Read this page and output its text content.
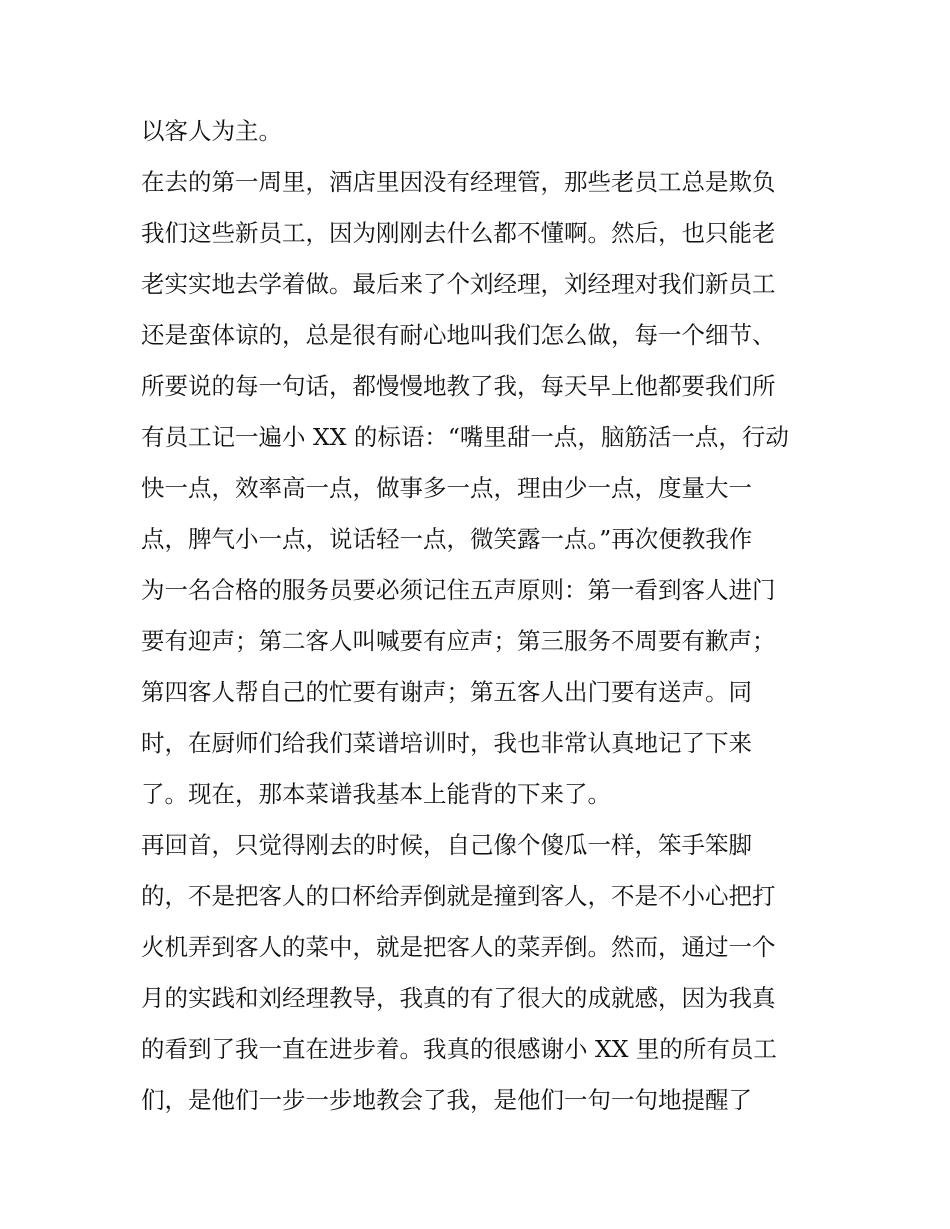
以客人为主。
在去的第一周里，酒店里因没有经理管，那些老员工总是欺负
我们这些新员工，因为刚刚去什么都不懂啊。然后，也只能老
老实实地去学着做。最后来了个刘经理，刘经理对我们新员工
还是蛮体谅的，总是很有耐心地叫我们怎么做，每一个细节、
所要说的每一句话，都慢慢地教了我，每天早上他都要我们所
有员工记一遍小 XX 的标语：“嘴里甜一点，脑筋活一点，行动
快一点，效率高一点，做事多一点，理由少一点，度量大一
点，脾气小一点，说话轻一点，微笑露一点。”再次便教我作
为一名合格的服务员要必须记住五声原则：第一看到客人进门
要有迎声；第二客人叫喊要有应声；第三服务不周要有歉声；
第四客人帮自己的忙要有谢声；第五客人出门要有送声。同
时，在厨师们给我们菜谱培训时，我也非常认真地记了下来
了。现在，那本菜谱我基本上能背的下来了。
再回首，只觉得刚去的时候，自己像个傻瓜一样，笨手笨脚
的，不是把客人的口杯给弄倒就是撞到客人，不是不小心把打
火机弄到客人的菜中，就是把客人的菜弄倒。然而，通过一个
月的实践和刘经理教导，我真的有了很大的成就感，因为我真
的看到了我一直在进步着。我真的很感谢小 XX 里的所有员工
们，是他们一步一步地教会了我，是他们一句一句地提醒了
